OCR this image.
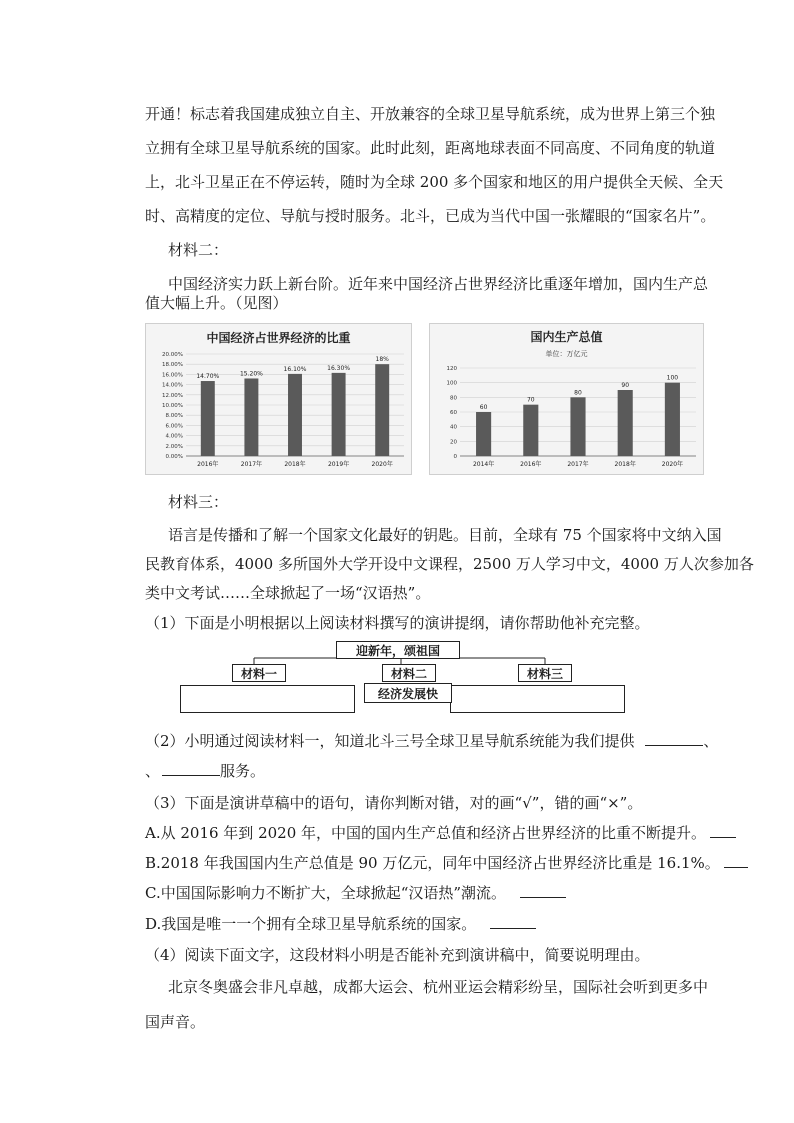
开通！标志着我国建成独立自主、开放兼容的全球卫星导航系统，成为世界上第三个独
立拥有全球卫星导航系统的国家。此时此刻，距离地球表面不同高度、不同角度的轨道
上，北斗卫星正在不停运转，随时为全球 200 多个国家和地区的用户提供全天候、全天
时、高精度的定位、导航与授时服务。北斗，已成为当代中国一张耀眼的“国家名片”。
材料二：
中国经济实力跃上新台阶。近年来中国经济占世界经济比重逐年增加，国内生产总
值大幅上升。（见图）
中国经济占世界经济的比重
0.00%
2.00%
4.00%
6.00%
8.00%
10.00%
12.00%
14.00%
16.00%
18.00%
20.00%
14.70%
2016年
15.20%
2017年
16.10%
2018年
16.30%
2019年
18%
2020年
国内生产总值
单位：万亿元
0
20
40
60
80
100
120
60
2014年
70
2016年
80
2017年
90
2018年
100
2020年
材料三：
语言是传播和了解一个国家文化最好的钥匙。目前，全球有 75 个国家将中文纳入国
民教育体系，4000 多所国外大学开设中文课程，2500 万人学习中文，4000 万人次参加各
类中文考试……全球掀起了一场“汉语热”。
（1）下面是小明根据以上阅读材料撰写的演讲提纲，请你帮助他补充完整。
迎新年，颂祖国
材料一	材料二	材料三
经济发展快
（2）小明通过阅读材料一，知道北斗三号全球卫星导航系统能为我们提供	、
、	服务。
（3）下面是演讲草稿中的语句，请你判断对错，对的画“√”，错的画“×”。
A.从 2016 年到 2020 年，中国的国内生产总值和经济占世界经济的比重不断提升。
B.2018 年我国国内生产总值是 90 万亿元，同年中国经济占世界经济比重是 16.1%。
C.中国国际影响力不断扩大，全球掀起“汉语热”潮流。
D.我国是唯一一个拥有全球卫星导航系统的国家。
（4）阅读下面文字，这段材料小明是否能补充到演讲稿中，简要说明理由。
北京冬奥盛会非凡卓越，成都大运会、杭州亚运会精彩纷呈，国际社会听到更多中
国声音。
